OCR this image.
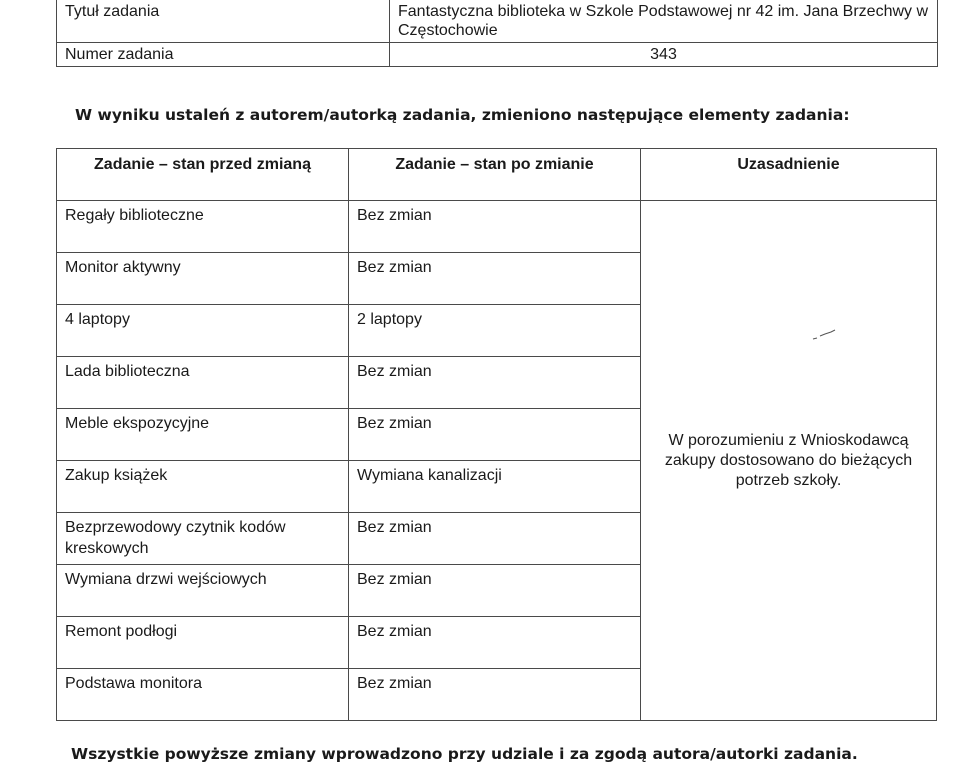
Tytuł zadania	Fantastyczna biblioteka w Szkole Podstawowej nr 42 im. Jana Brzechwy w Częstochowie
Numer zadania	343
W wyniku ustaleń z autorem/autorką zadania, zmieniono następujące elementy zadania:
Zadanie – stan przed zmianą	Zadanie – stan po zmianie	Uzasadnienie
Regały biblioteczne	Bez zmian	W porozumieniu z Wnioskodawcą zakupy dostosowano do bieżących potrzeb szkoły.
Monitor aktywny	Bez zmian	
4 laptopy	2 laptopy	
Lada biblioteczna	Bez zmian	
Meble ekspozycyjne	Bez zmian	
Zakup książek	Wymiana kanalizacji	
Bezprzewodowy czytnik kodów kreskowych	Bez zmian	
Wymiana drzwi wejściowych	Bez zmian	
Remont podłogi	Bez zmian	
Podstawa monitora	Bez zmian	
Wszystkie powyższe zmiany wprowadzono przy udziale i za zgodą autora/autorki zadania.
